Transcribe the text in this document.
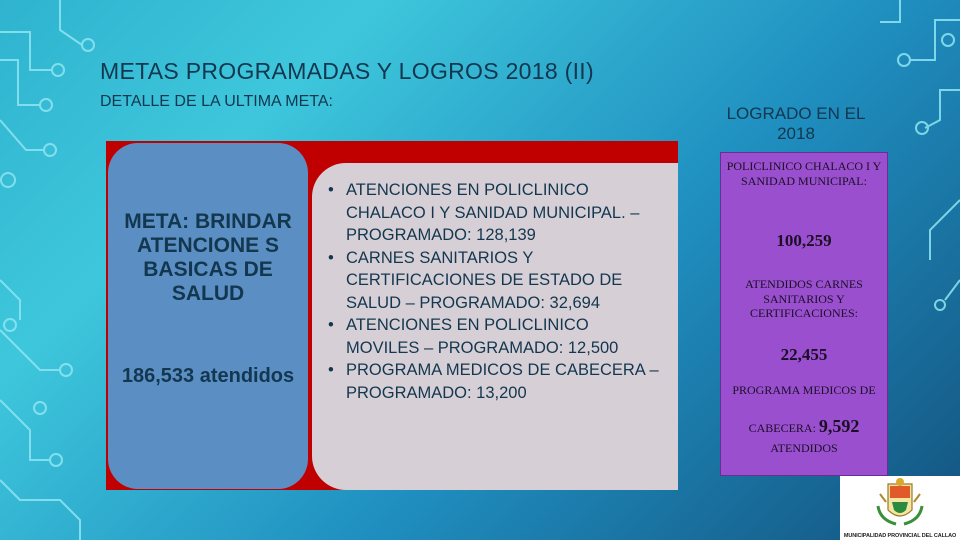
METAS PROGRAMADAS Y LOGROS 2018 (II)
DETALLE DE LA ULTIMA META:
LOGRADO EN EL 2018
META: BRINDAR ATENCIONE S BASICAS DE SALUD
186,533 atendidos
• ATENCIONES EN POLICLINICO CHALACO I Y SANIDAD MUNICIPAL. – PROGRAMADO: 128,139
• CARNES SANITARIOS Y CERTIFICACIONES DE ESTADO DE SALUD – PROGRAMADO: 32,694
• ATENCIONES EN POLICLINICO MOVILES – PROGRAMADO: 12,500
• PROGRAMA MEDICOS DE CABECERA – PROGRAMADO: 13,200
POLICLINICO CHALACO I Y SANIDAD MUNICIPAL:
100,259
ATENDIDOS CARNES SANITARIOS Y CERTIFICACIONES:
22,455
PROGRAMA MEDICOS DE
CABECERA: 9,592
ATENDIDOS
MUNICIPALIDAD PROVINCIAL DEL CALLAO
